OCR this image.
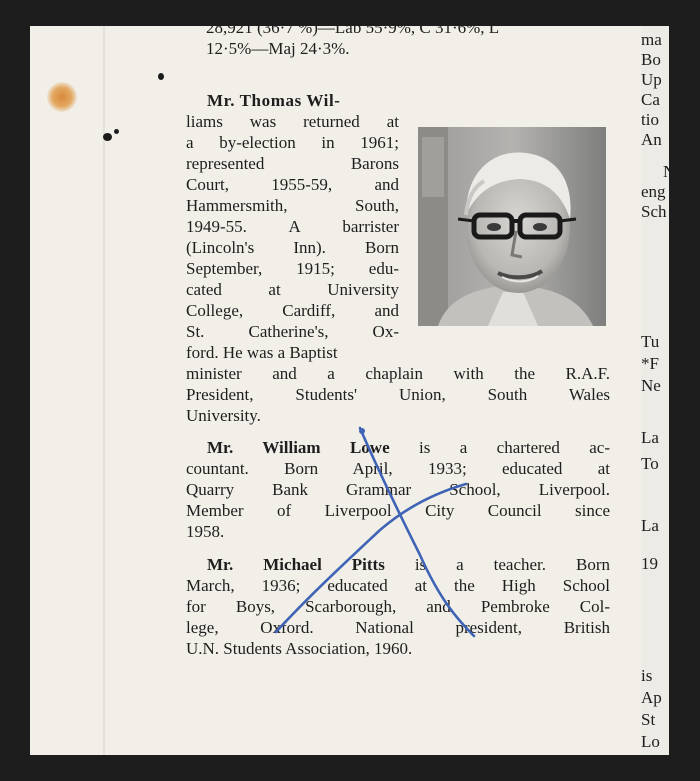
28,921 (36·7 %)—Lab 55·9%, C 31·6%, L
12·5%—Maj 24·3%.
Mr. Thomas Wil-
liams was returned at
a by-election in 1961;
represented Barons
Court, 1955-59, and
Hammersmith, South,
1949-55. A barrister
(Lincoln's Inn). Born
September, 1915; edu-
cated at University
College, Cardiff, and
St. Catherine's, Ox-
ford. He was a Baptist
minister and a chaplain with the R.A.F.
President, Students' Union, South Wales
University.
Mr. William Lowe is a chartered ac-
countant. Born April, 1933; educated at
Quarry Bank Grammar School, Liverpool.
Member of Liverpool City Council since
1958.
Mr. Michael Pitts is a teacher. Born
March, 1936; educated at the High School
for Boys, Scarborough, and Pembroke Col-
lege, Oxford. National president, British
U.N. Students Association, 1960.
ma
Bo
Up
Ca
tio
An
N
eng
Sch
Tu
*F
Ne
La
To
La
19
is
Ap
St
Lo
